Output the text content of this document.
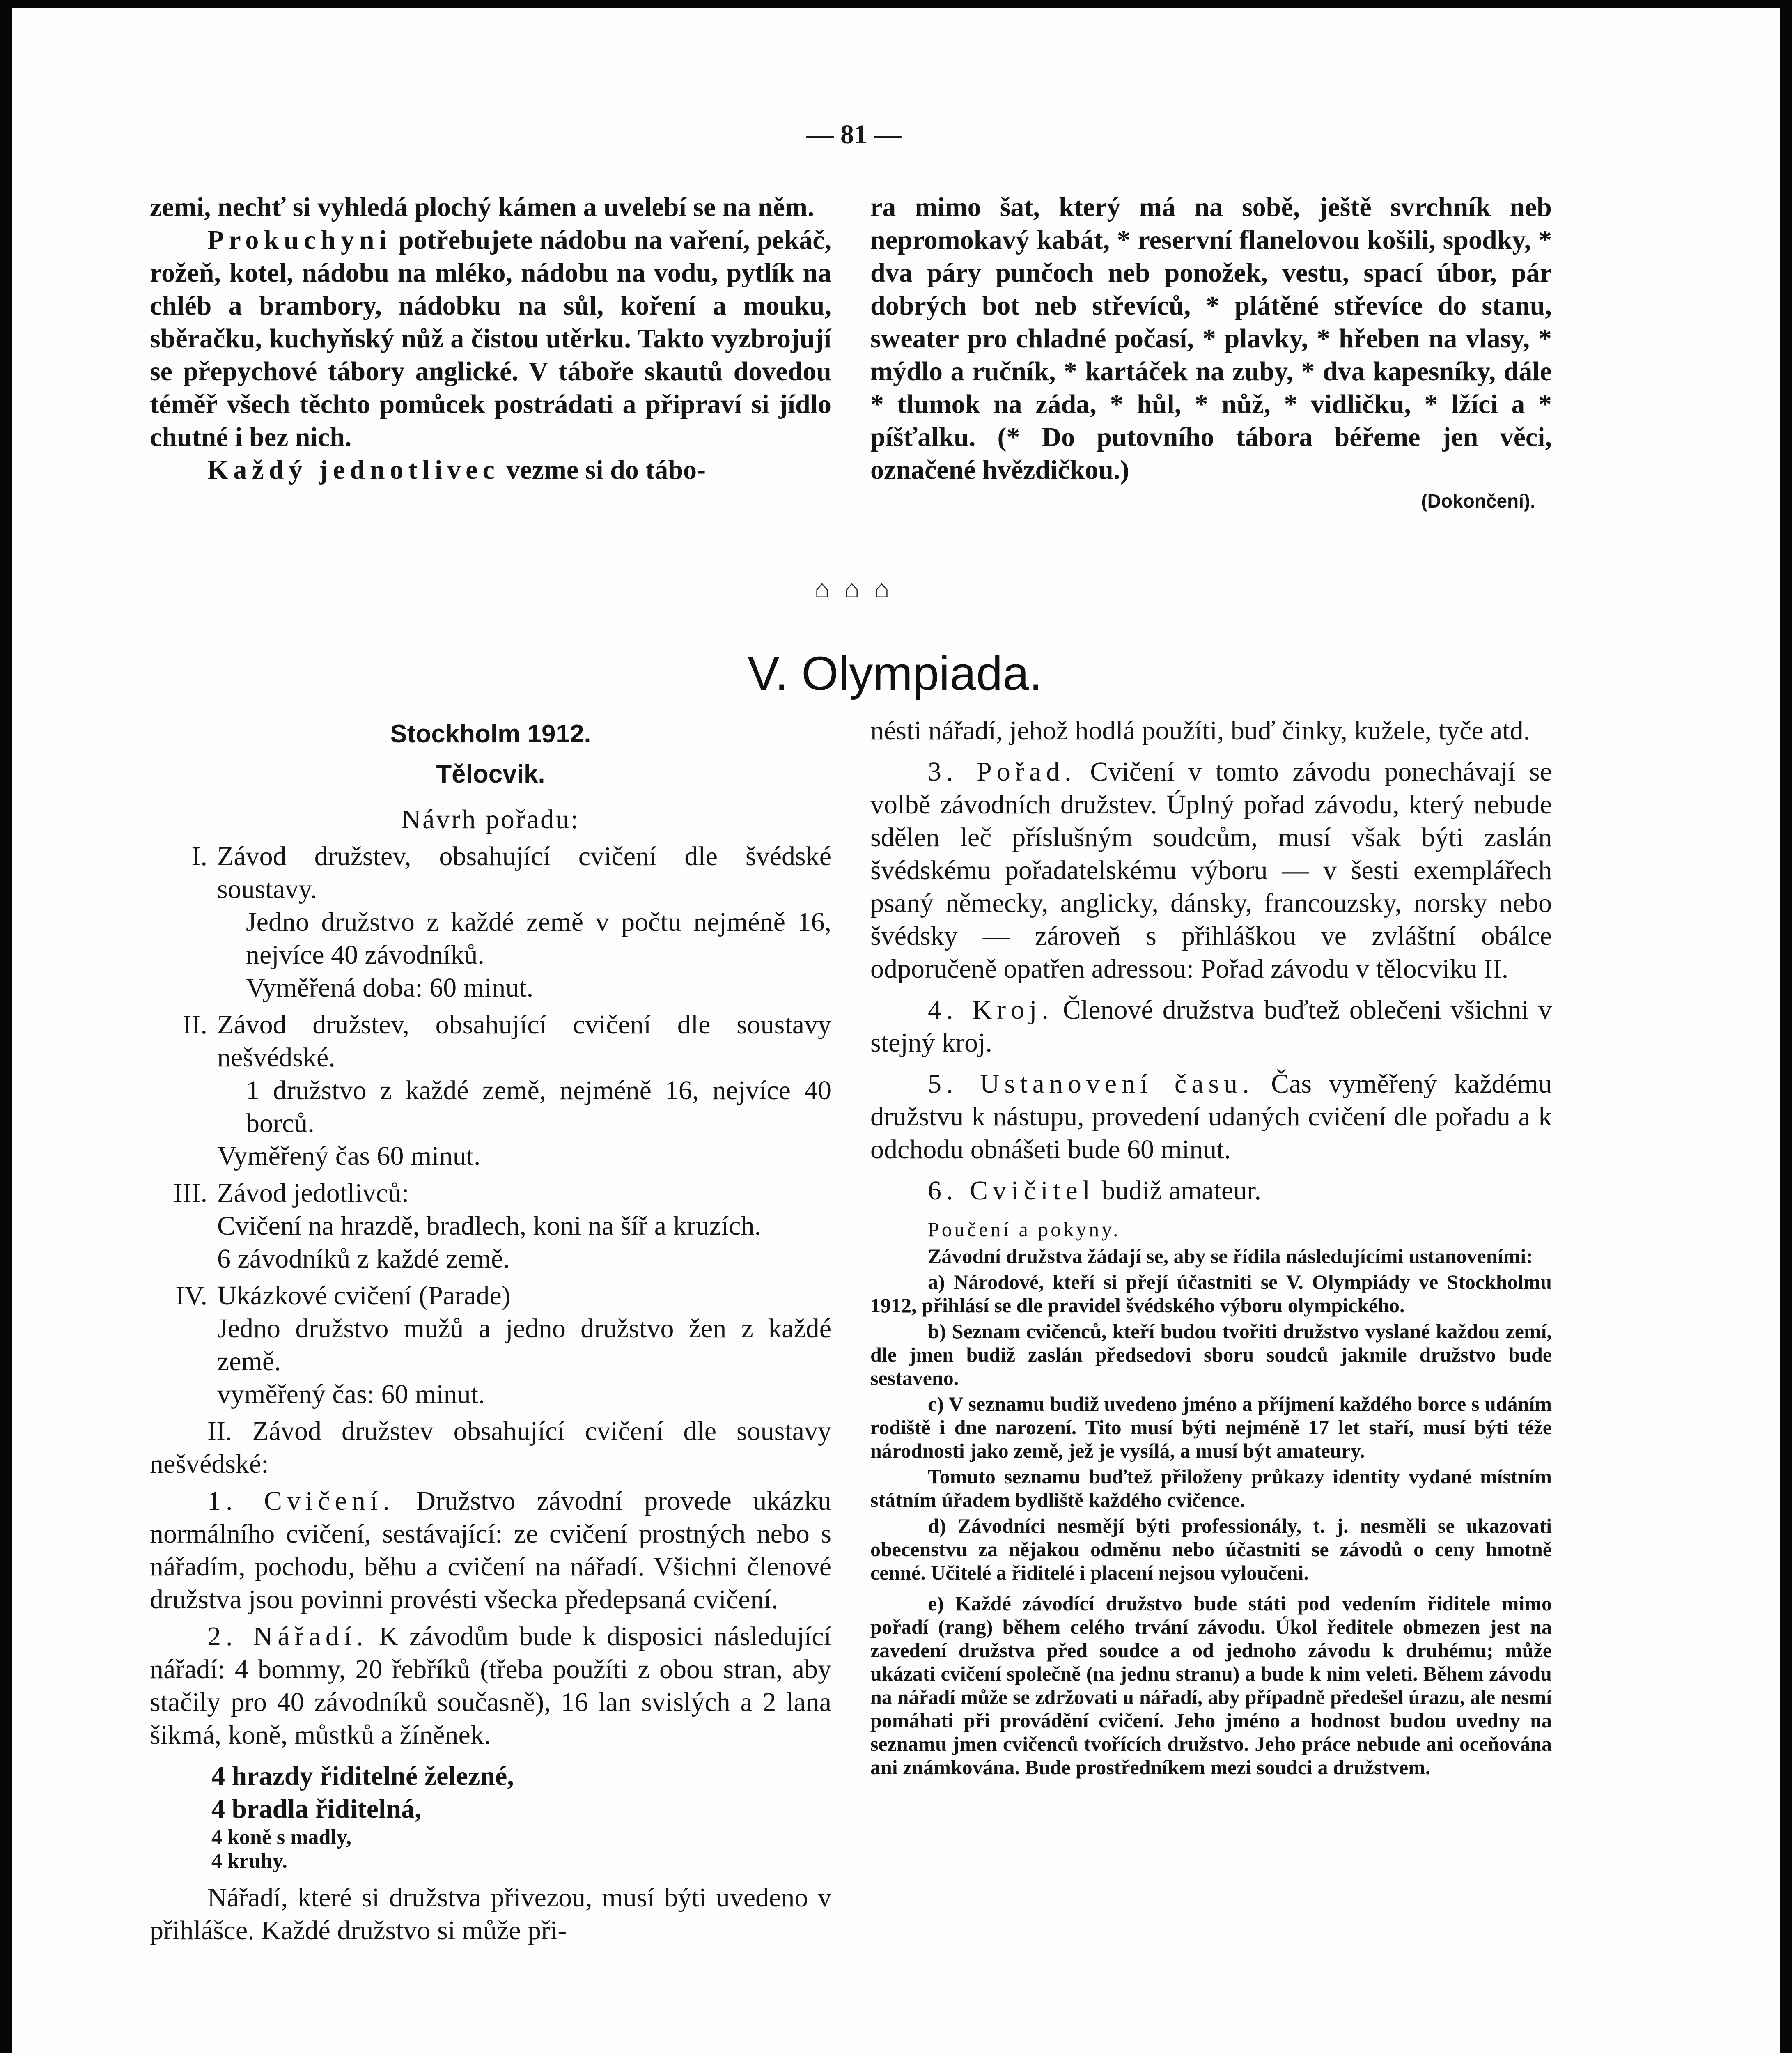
— 81 —

zemi, nechť si vyhledá plochý kámen a uvelebí se na něm.

Prokuchyni potřebujete nádobu na vaření, pekáč, rožeň, kotel, nádobu na mléko, nádobu na vodu, pytlík na chléb a brambory, nádobku na sůl, koření a mouku, sběračku, kuchyňský nůž a čistou utěrku. Takto vyzbrojují se přepychové tábory anglické. V táboře skautů dovedou téměř všech těchto pomůcek postrádati a připraví si jídlo chutné i bez nich.

Každý jednotlivec vezme si do tábo-

ra mimo šat, který má na sobě, ještě svrchník neb nepromokavý kabát, * reservní flanelovou košili, spodky, * dva páry punčoch neb ponožek, vestu, spací úbor, pár dobrých bot neb střevíců, * plátěné střevíce do stanu, sweater pro chladné počasí, * plavky, * hřeben na vlasy, * mýdlo a ručník, * kartáček na zuby, * dva kapesníky, dále * tlumok na záda, * hůl, * nůž, * vidličku, * lžíci a * píšťalku. (* Do putovního tábora béřeme jen věci, označené hvězdičkou.)

(Dokončení).
⌂ ⌂ ⌂
V. Olympiada.
Stockholm 1912.
Tělocvik.
Návrh pořadu:
I. Závod družstev, obsahující cvičení dle švédské soustavy.
Jedno družstvo z každé země v počtu nejméně 16, nejvíce 40 závodníků.
Vyměřená doba: 60 minut.
II. Závod družstev, obsahující cvičení dle soustavy nešvédské.
1 družstvo z každé země, nejméně 16, nejvíce 40 borců.
Vyměřený čas 60 minut.
III. Závod jedotlivců:
Cvičení na hrazdě, bradlech, koni na šíř a kruzích.
6 závodníků z každé země.
IV. Ukázkové cvičení (Parade)
Jedno družstvo mužů a jedno družstvo žen z každé země.
vyměřený čas: 60 minut.

II. Závod družstev obsahující cvičení dle soustavy nešvédské:

1. Cvičení. Družstvo závodní provede ukázku normálního cvičení, sestávající: ze cvičení prostných nebo s nářadím, pochodu, běhu a cvičení na nářadí. Všichni členové družstva jsou povinni provésti všecka předepsaná cvičení.

2. Nářadí. K závodům bude k disposici následující nářadí: 4 bommy, 20 řebříků (třeba použíti z obou stran, aby stačily pro 40 závodníků současně), 16 lan svislých a 2 lana šikmá, koně, můstků a žíněnek.

4 hrazdy řiditelné železné,
4 bradla řiditelná,
4 koně s madly,
4 kruhy.

Nářadí, které si družstva přivezou, musí býti uvedeno v přihlášce. Každé družstvo si může při-

nésti nářadí, jehož hodlá použíti, buď činky, kužele, tyče atd.

3. Pořad. Cvičení v tomto závodu ponechávají se volbě závodních družstev. Úplný pořad závodu, který nebude sdělen leč příslušným soudcům, musí však býti zaslán švédskému pořadatelskému výboru — v šesti exemplářech psaný německy, anglicky, dánsky, francouzsky, norsky nebo švédsky — zároveň s přihláškou ve zvláštní obálce odporučeně opatřen adressou: Pořad závodu v tělocviku II.

4. Kroj. Členové družstva buďtež oblečeni všichni v stejný kroj.

5. Ustanovení času. Čas vyměřený každému družstvu k nástupu, provedení udaných cvičení dle pořadu a k odchodu obnášeti bude 60 minut.

6. Cvičitel budiž amateur.

Poučení a pokyny.

Závodní družstva žádají se, aby se řídila následujícími ustanoveními:

a) Národové, kteří si přejí účastniti se V. Olympiády ve Stockholmu 1912, přihlásí se dle pravidel švédského výboru olympického.

b) Seznam cvičenců, kteří budou tvořiti družstvo vyslané každou zemí, dle jmen budiž zaslán předsedovi sboru soudců jakmile družstvo bude sestaveno.

c) V seznamu budiž uvedeno jméno a příjmení každého borce s udáním rodiště i dne narození. Tito musí býti nejméně 17 let staří, musí býti téže národnosti jako země, jež je vysílá, a musí být amateury.

Tomuto seznamu buďtež přiloženy průkazy identity vydané místním státním úřadem bydliště každého cvičence.

d) Závodníci nesmějí býti professionály, t. j. nesměli se ukazovati obecenstvu za nějakou odměnu nebo účastniti se závodů o ceny hmotně cenné. Učitelé a řiditelé i placení nejsou vyloučeni.

e) Každé závodící družstvo bude státi pod vedením řiditele mimo pořadí (rang) během celého trvání závodu. Úkol ředitele obmezen jest na zavedení družstva před soudce a od jednoho závodu k druhému; může ukázati cvičení společně (na jednu stranu) a bude k nim veleti. Během závodu na nářadí může se zdržovati u nářadí, aby případně předešel úrazu, ale nesmí pomáhati při provádění cvičení. Jeho jméno a hodnost budou uvedny na seznamu jmen cvičenců tvořících družstvo. Jeho práce nebude ani oceňována ani známkována. Bude prostředníkem mezi soudci a družstvem.
